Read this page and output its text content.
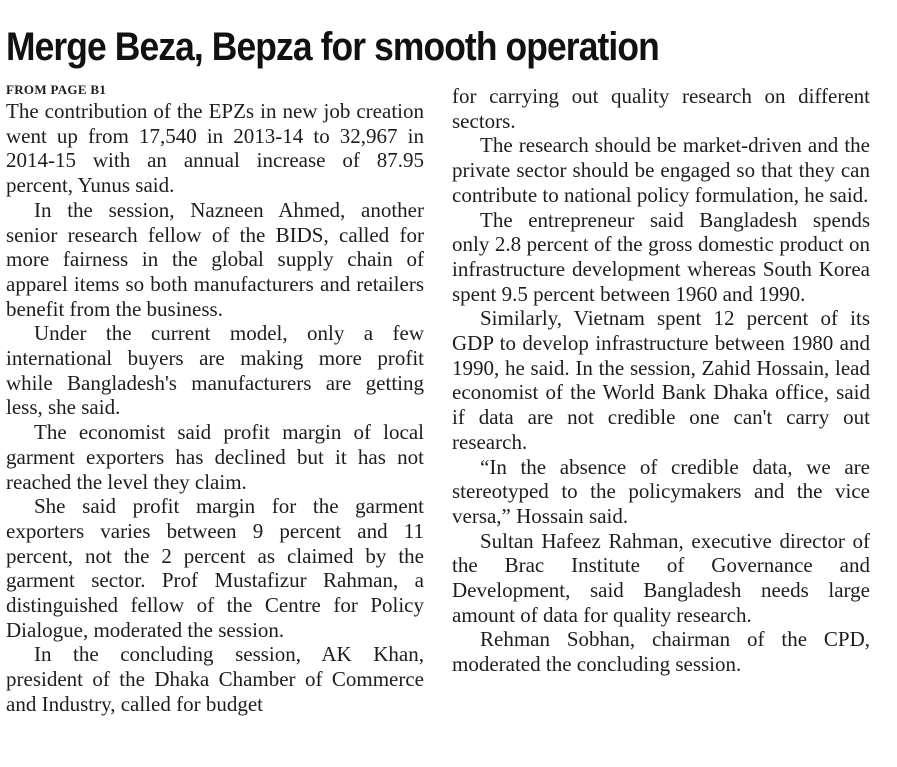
Merge Beza, Bepza for smooth operation
FROM PAGE B1

The contribution of the EPZs in new job creation went up from 17,540 in 2013-14 to 32,967 in 2014-15 with an annual increase of 87.95 percent, Yunus said.

In the session, Nazneen Ahmed, another senior research fellow of the BIDS, called for more fairness in the global supply chain of apparel items so both manufacturers and retailers benefit from the business.

Under the current model, only a few international buyers are making more profit while Bangladesh's manufacturers are getting less, she said.

The economist said profit margin of local garment exporters has declined but it has not reached the level they claim.

She said profit margin for the garment exporters varies between 9 percent and 11 percent, not the 2 percent as claimed by the garment sector. Prof Mustafizur Rahman, a distinguished fellow of the Centre for Policy Dialogue, moderated the session.

In the concluding session, AK Khan, president of the Dhaka Chamber of Commerce and Industry, called for budget

for carrying out quality research on different sectors.

The research should be market-driven and the private sector should be engaged so that they can contribute to national policy formulation, he said.

The entrepreneur said Bangladesh spends only 2.8 percent of the gross domestic product on infrastructure development whereas South Korea spent 9.5 percent between 1960 and 1990.

Similarly, Vietnam spent 12 percent of its GDP to develop infrastructure between 1980 and 1990, he said. In the session, Zahid Hossain, lead economist of the World Bank Dhaka office, said if data are not credible one can't carry out research.

“In the absence of credible data, we are stereotyped to the policymakers and the vice versa,” Hossain said.

Sultan Hafeez Rahman, executive director of the Brac Institute of Governance and Development, said Bangladesh needs large amount of data for quality research.

Rehman Sobhan, chairman of the CPD, moderated the concluding session.
